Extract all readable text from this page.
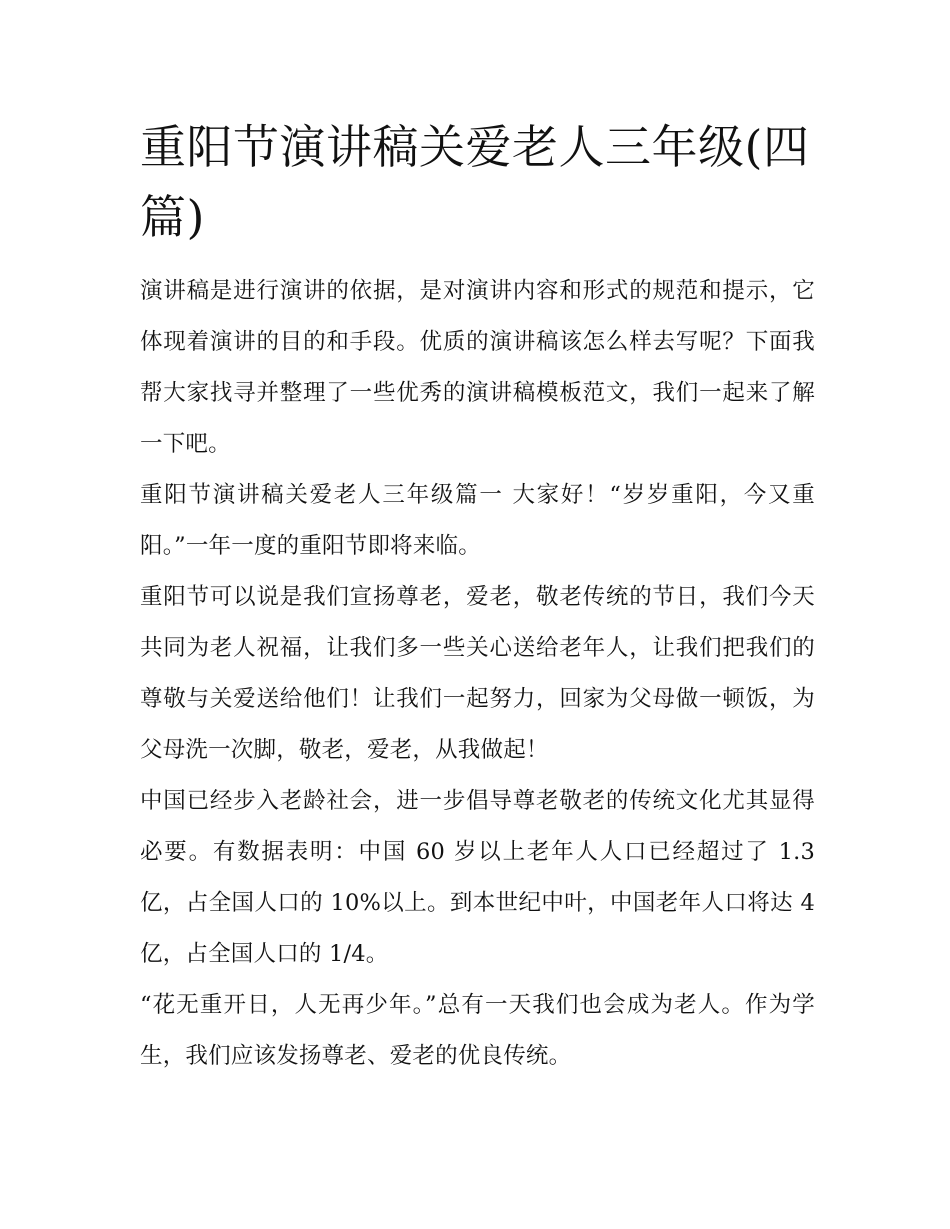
重阳节演讲稿关爱老人三年级(四篇)

演讲稿是进行演讲的依据，是对演讲内容和形式的规范和提示，它体现着演讲的目的和手段。优质的演讲稿该怎么样去写呢？下面我帮大家找寻并整理了一些优秀的演讲稿模板范文，我们一起来了解一下吧。

重阳节演讲稿关爱老人三年级篇一 大家好！“岁岁重阳，今又重阳。”一年一度的重阳节即将来临。

重阳节可以说是我们宣扬尊老，爱老，敬老传统的节日，我们今天共同为老人祝福，让我们多一些关心送给老年人，让我们把我们的尊敬与关爱送给他们！让我们一起努力，回家为父母做一顿饭，为父母洗一次脚，敬老，爱老，从我做起！

中国已经步入老龄社会，进一步倡导尊老敬老的传统文化尤其显得必要。有数据表明：中国 60 岁以上老年人人口已经超过了 1.3 亿，占全国人口的 10%以上。到本世纪中叶，中国老年人口将达 4 亿，占全国人口的 1/4。

“花无重开日，人无再少年。”总有一天我们也会成为老人。作为学生，我们应该发扬尊老、爱老的优良传统。
